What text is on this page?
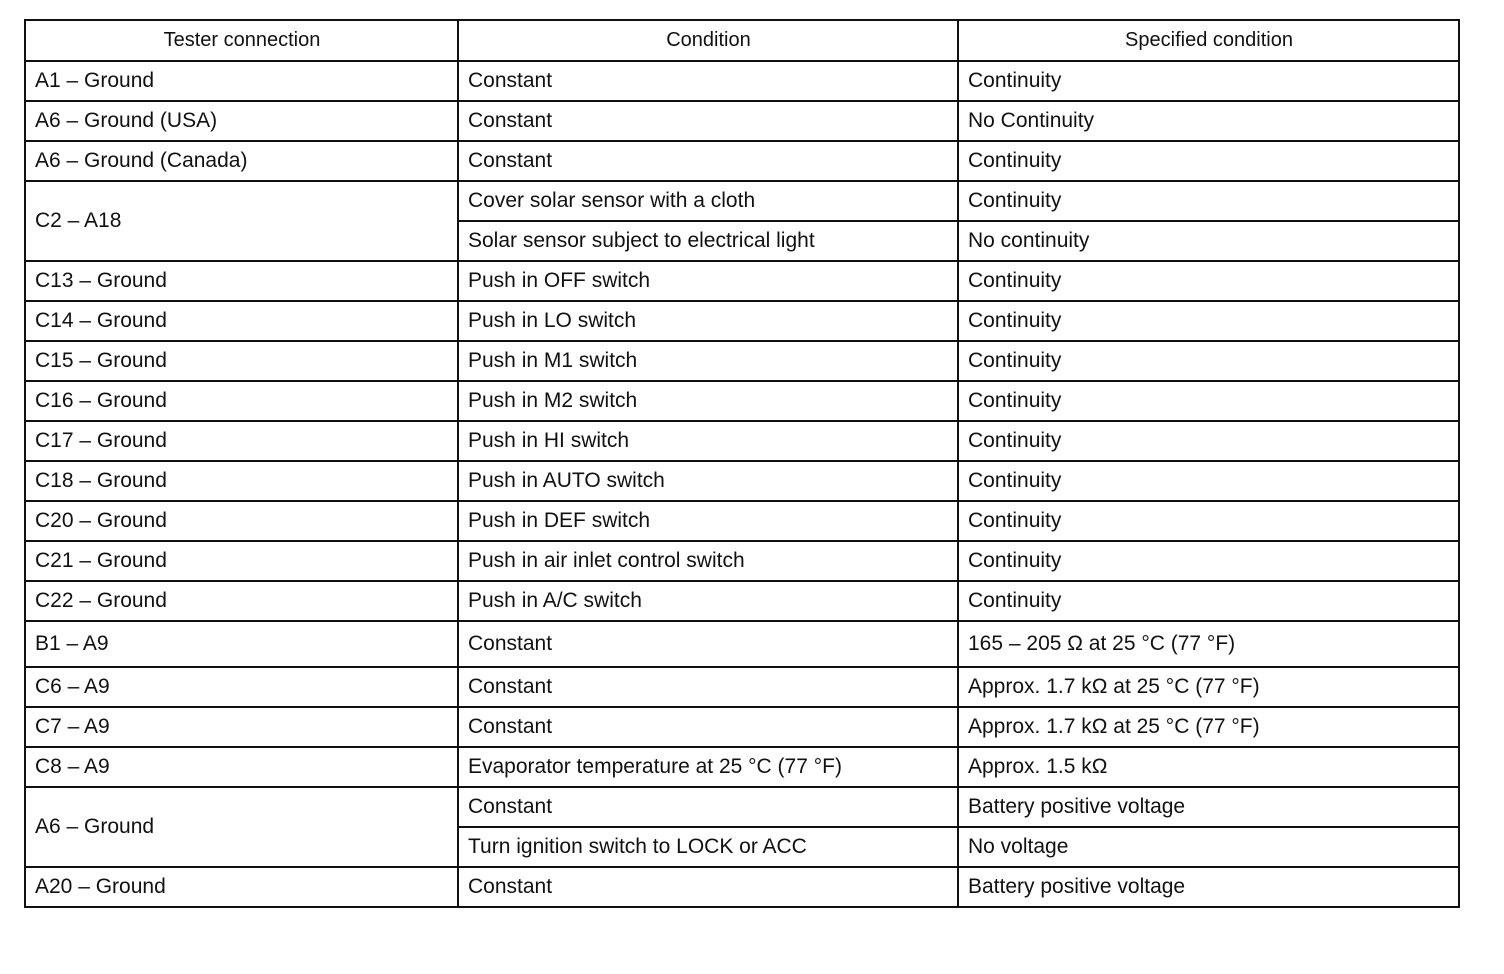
Tester connection	Condition	Specified condition
A1 – Ground	Constant	Continuity
A6 – Ground (USA)	Constant	No Continuity
A6 – Ground (Canada)	Constant	Continuity
C2 – A18	Cover solar sensor with a cloth	Continuity
	Solar sensor subject to electrical light	No continuity
C13 – Ground	Push in OFF switch	Continuity
C14 – Ground	Push in LO switch	Continuity
C15 – Ground	Push in M1 switch	Continuity
C16 – Ground	Push in M2 switch	Continuity
C17 – Ground	Push in HI switch	Continuity
C18 – Ground	Push in AUTO switch	Continuity
C20 – Ground	Push in DEF switch	Continuity
C21 – Ground	Push in air inlet control switch	Continuity
C22 – Ground	Push in A/C switch	Continuity
B1 – A9	Constant	165 – 205 Ω at 25 °C (77 °F)
C6 – A9	Constant	Approx. 1.7 kΩ at 25 °C (77 °F)
C7 – A9	Constant	Approx. 1.7 kΩ at 25 °C (77 °F)
C8 – A9	Evaporator temperature at 25 °C (77 °F)	Approx. 1.5 kΩ
A6 – Ground	Constant	Battery positive voltage
	Turn ignition switch to LOCK or ACC	No voltage
A20 – Ground	Constant	Battery positive voltage
